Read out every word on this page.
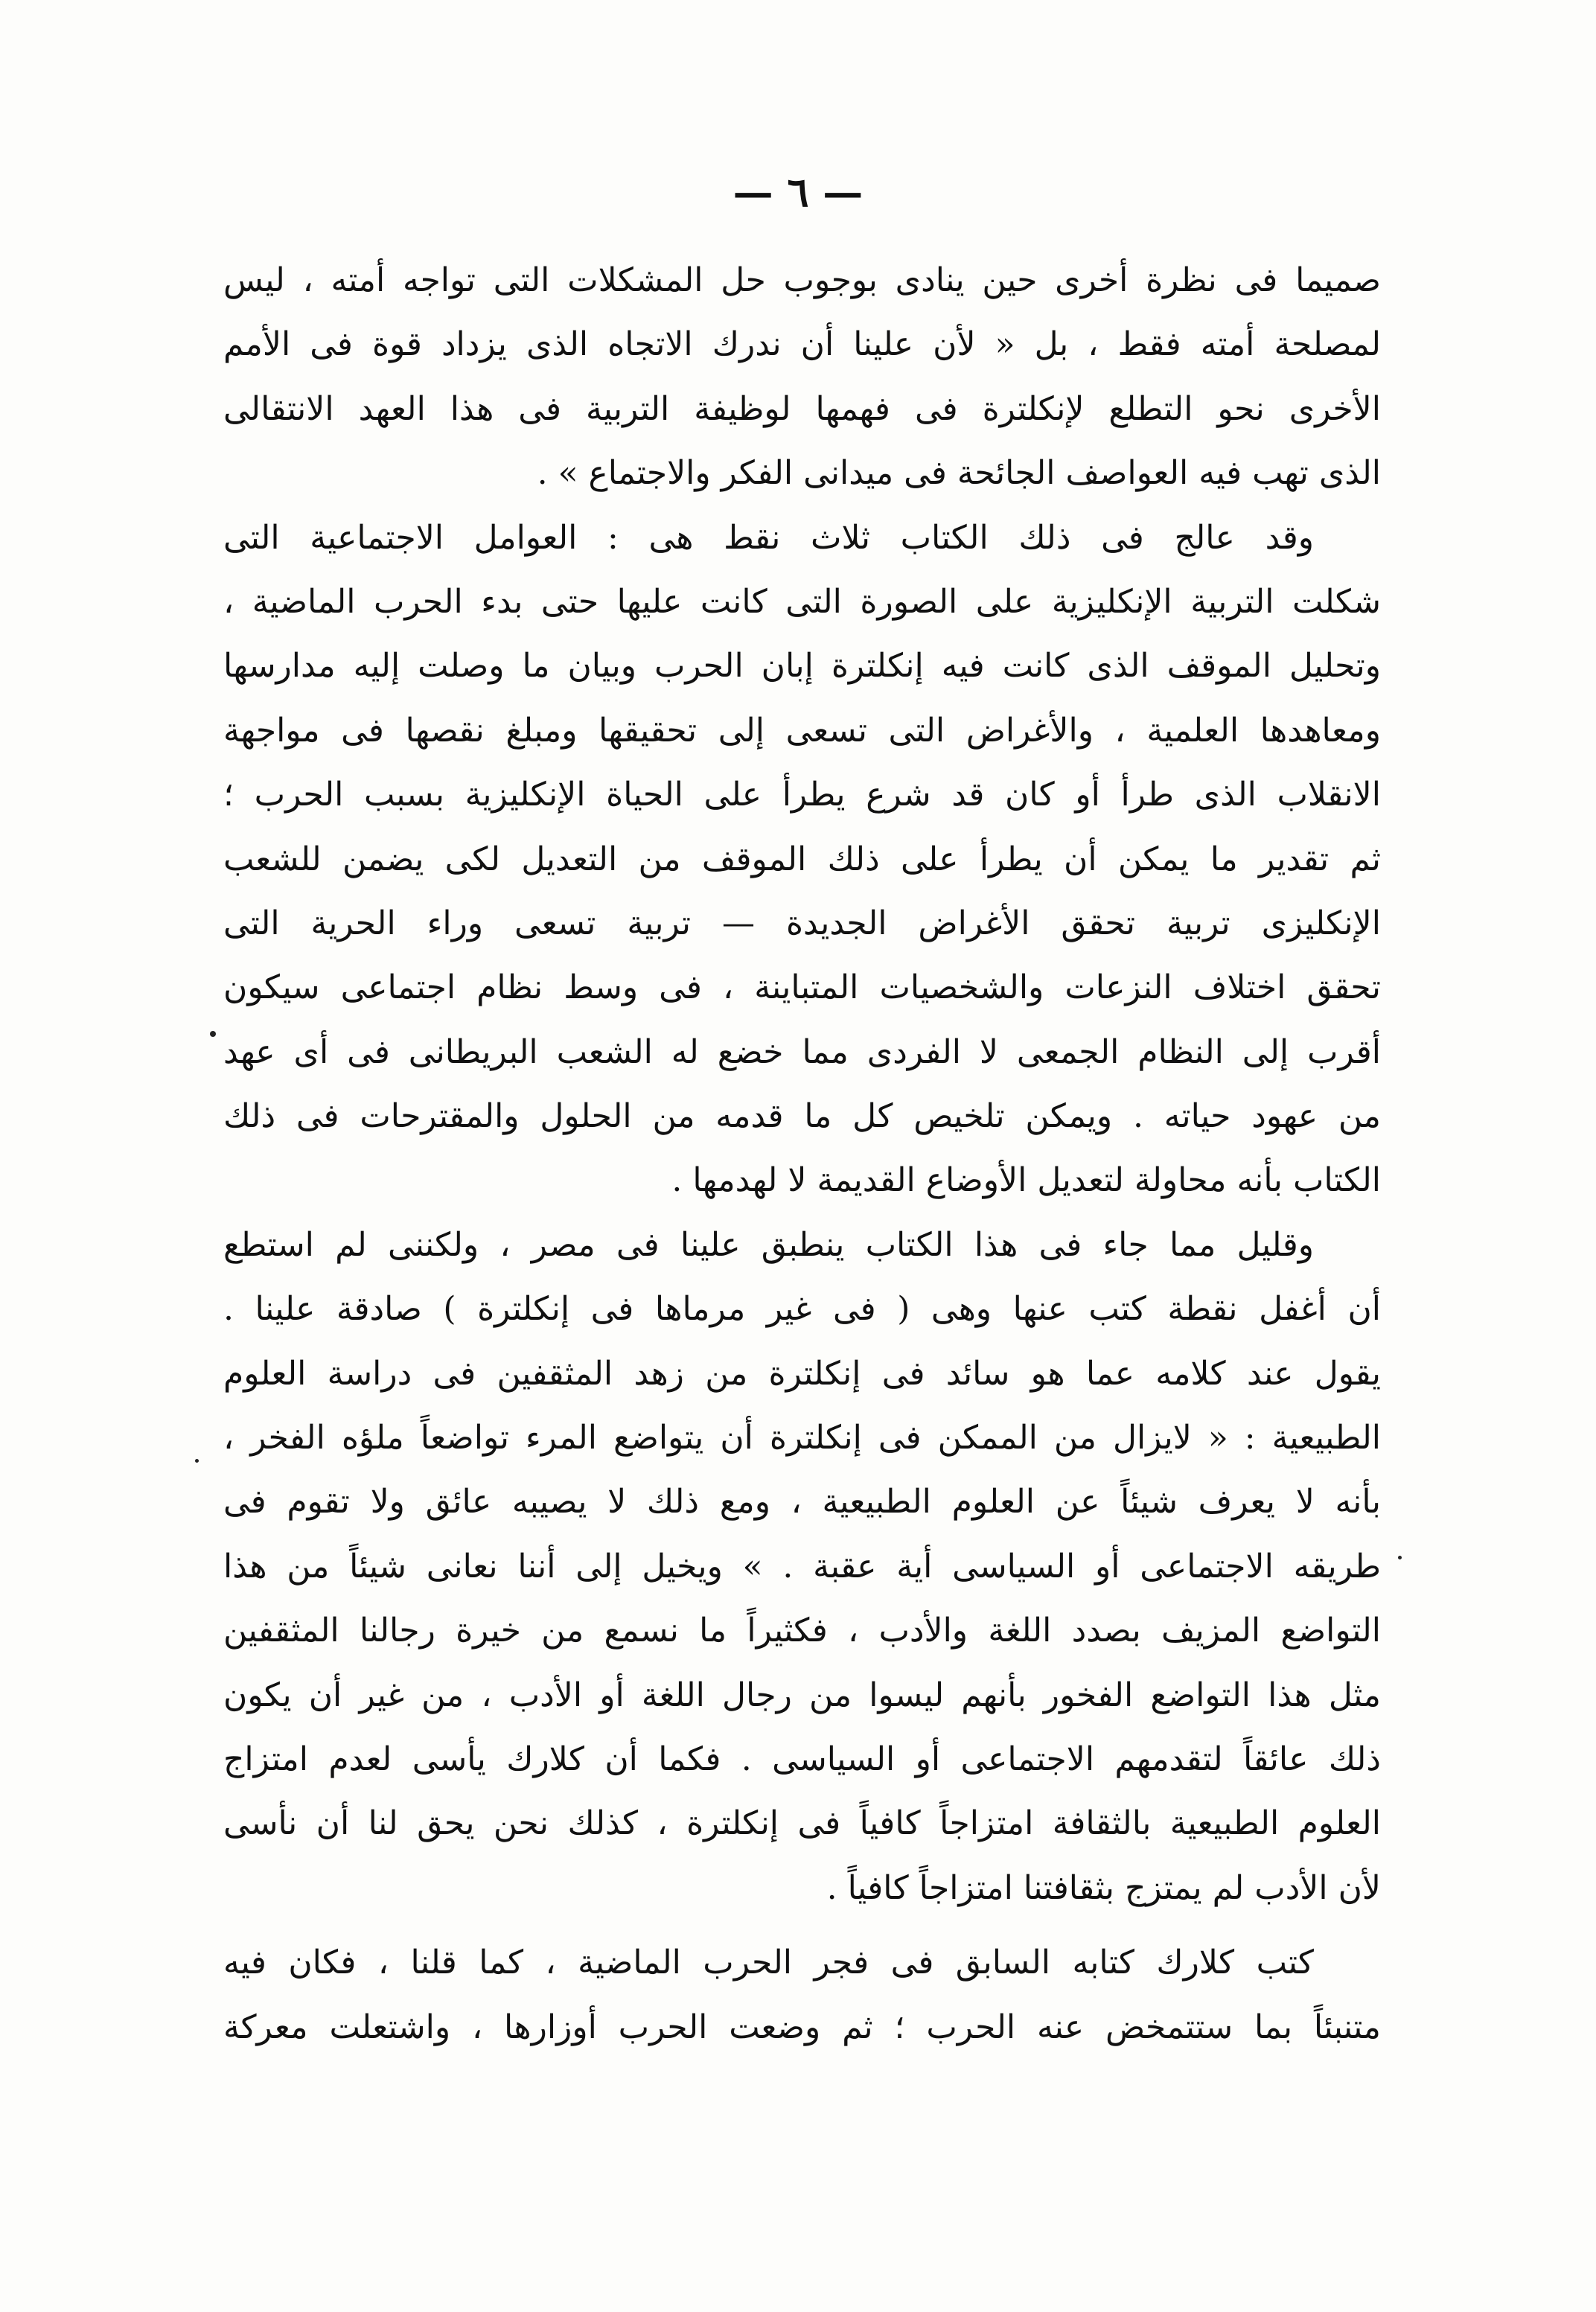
— ٦ —
صميما فى نظرة أخرى حين ينادى بوجوب حل المشكلات التى تواجه أمته ، ليس
لمصلحة أمته فقط ، بل « لأن علينا أن ندرك الاتجاه الذى يزداد قوة فى الأمم
الأخرى نحو التطلع لإنكلترة فى فهمها لوظيفة التربية فى هذا العهد الانتقالى
الذى تهب فيه العواصف الجائحة فى ميدانى الفكر والاجتماع » .
وقد عالج فى ذلك الكتاب ثلاث نقط هى : العوامل الاجتماعية التى
شكلت التربية الإنكليزية على الصورة التى كانت عليها حتى بدء الحرب الماضية ،
وتحليل الموقف الذى كانت فيه إنكلترة إبان الحرب وبيان ما وصلت إليه مدارسها
ومعاهدها العلمية ، والأغراض التى تسعى إلى تحقيقها ومبلغ نقصها فى مواجهة
الانقلاب الذى طرأ أو كان قد شرع يطرأ على الحياة الإنكليزية بسبب الحرب ؛
ثم تقدير ما يمكن أن يطرأ على ذلك الموقف من التعديل لكى يضمن للشعب
الإنكليزى تربية تحقق الأغراض الجديدة — تربية تسعى وراء الحرية التى
تحقق اختلاف النزعات والشخصيات المتباينة ، فى وسط نظام اجتماعى سيكون
أقرب إلى النظام الجمعى لا الفردى مما خضع له الشعب البريطانى فى أى عهد
من عهود حياته . ويمكن تلخيص كل ما قدمه من الحلول والمقترحات فى ذلك
الكتاب بأنه محاولة لتعديل الأوضاع القديمة لا لهدمها .
وقليل مما جاء فى هذا الكتاب ينطبق علينا فى مصر ، ولكننى لم استطع
أن أغفل نقطة كتب عنها وهى ( فى غير مرماها فى إنكلترة ) صادقة علينا .
يقول عند كلامه عما هو سائد فى إنكلترة من زهد المثقفين فى دراسة العلوم
الطبيعية : « لايزال من الممكن فى إنكلترة أن يتواضع المرء تواضعاً ملؤه الفخر ،
بأنه لا يعرف شيئاً عن العلوم الطبيعية ، ومع ذلك لا يصيبه عائق ولا تقوم فى
طريقه الاجتماعى أو السياسى أية عقبة . » ويخيل إلى أننا نعانى شيئاً من هذا
التواضع المزيف بصدد اللغة والأدب ، فكثيراً ما نسمع من خيرة رجالنا المثقفين
مثل هذا التواضع الفخور بأنهم ليسوا من رجال اللغة أو الأدب ، من غير أن يكون
ذلك عائقاً لتقدمهم الاجتماعى أو السياسى . فكما أن كلارك يأسى لعدم امتزاج
العلوم الطبيعية بالثقافة امتزاجاً كافياً فى إنكلترة ، كذلك نحن يحق لنا أن نأسى
لأن الأدب لم يمتزج بثقافتنا امتزاجاً كافياً .
كتب كلارك كتابه السابق فى فجر الحرب الماضية ، كما قلنا ، فكان فيه
متنبئاً بما ستتمخض عنه الحرب ؛ ثم وضعت الحرب أوزارها ، واشتعلت معركة
